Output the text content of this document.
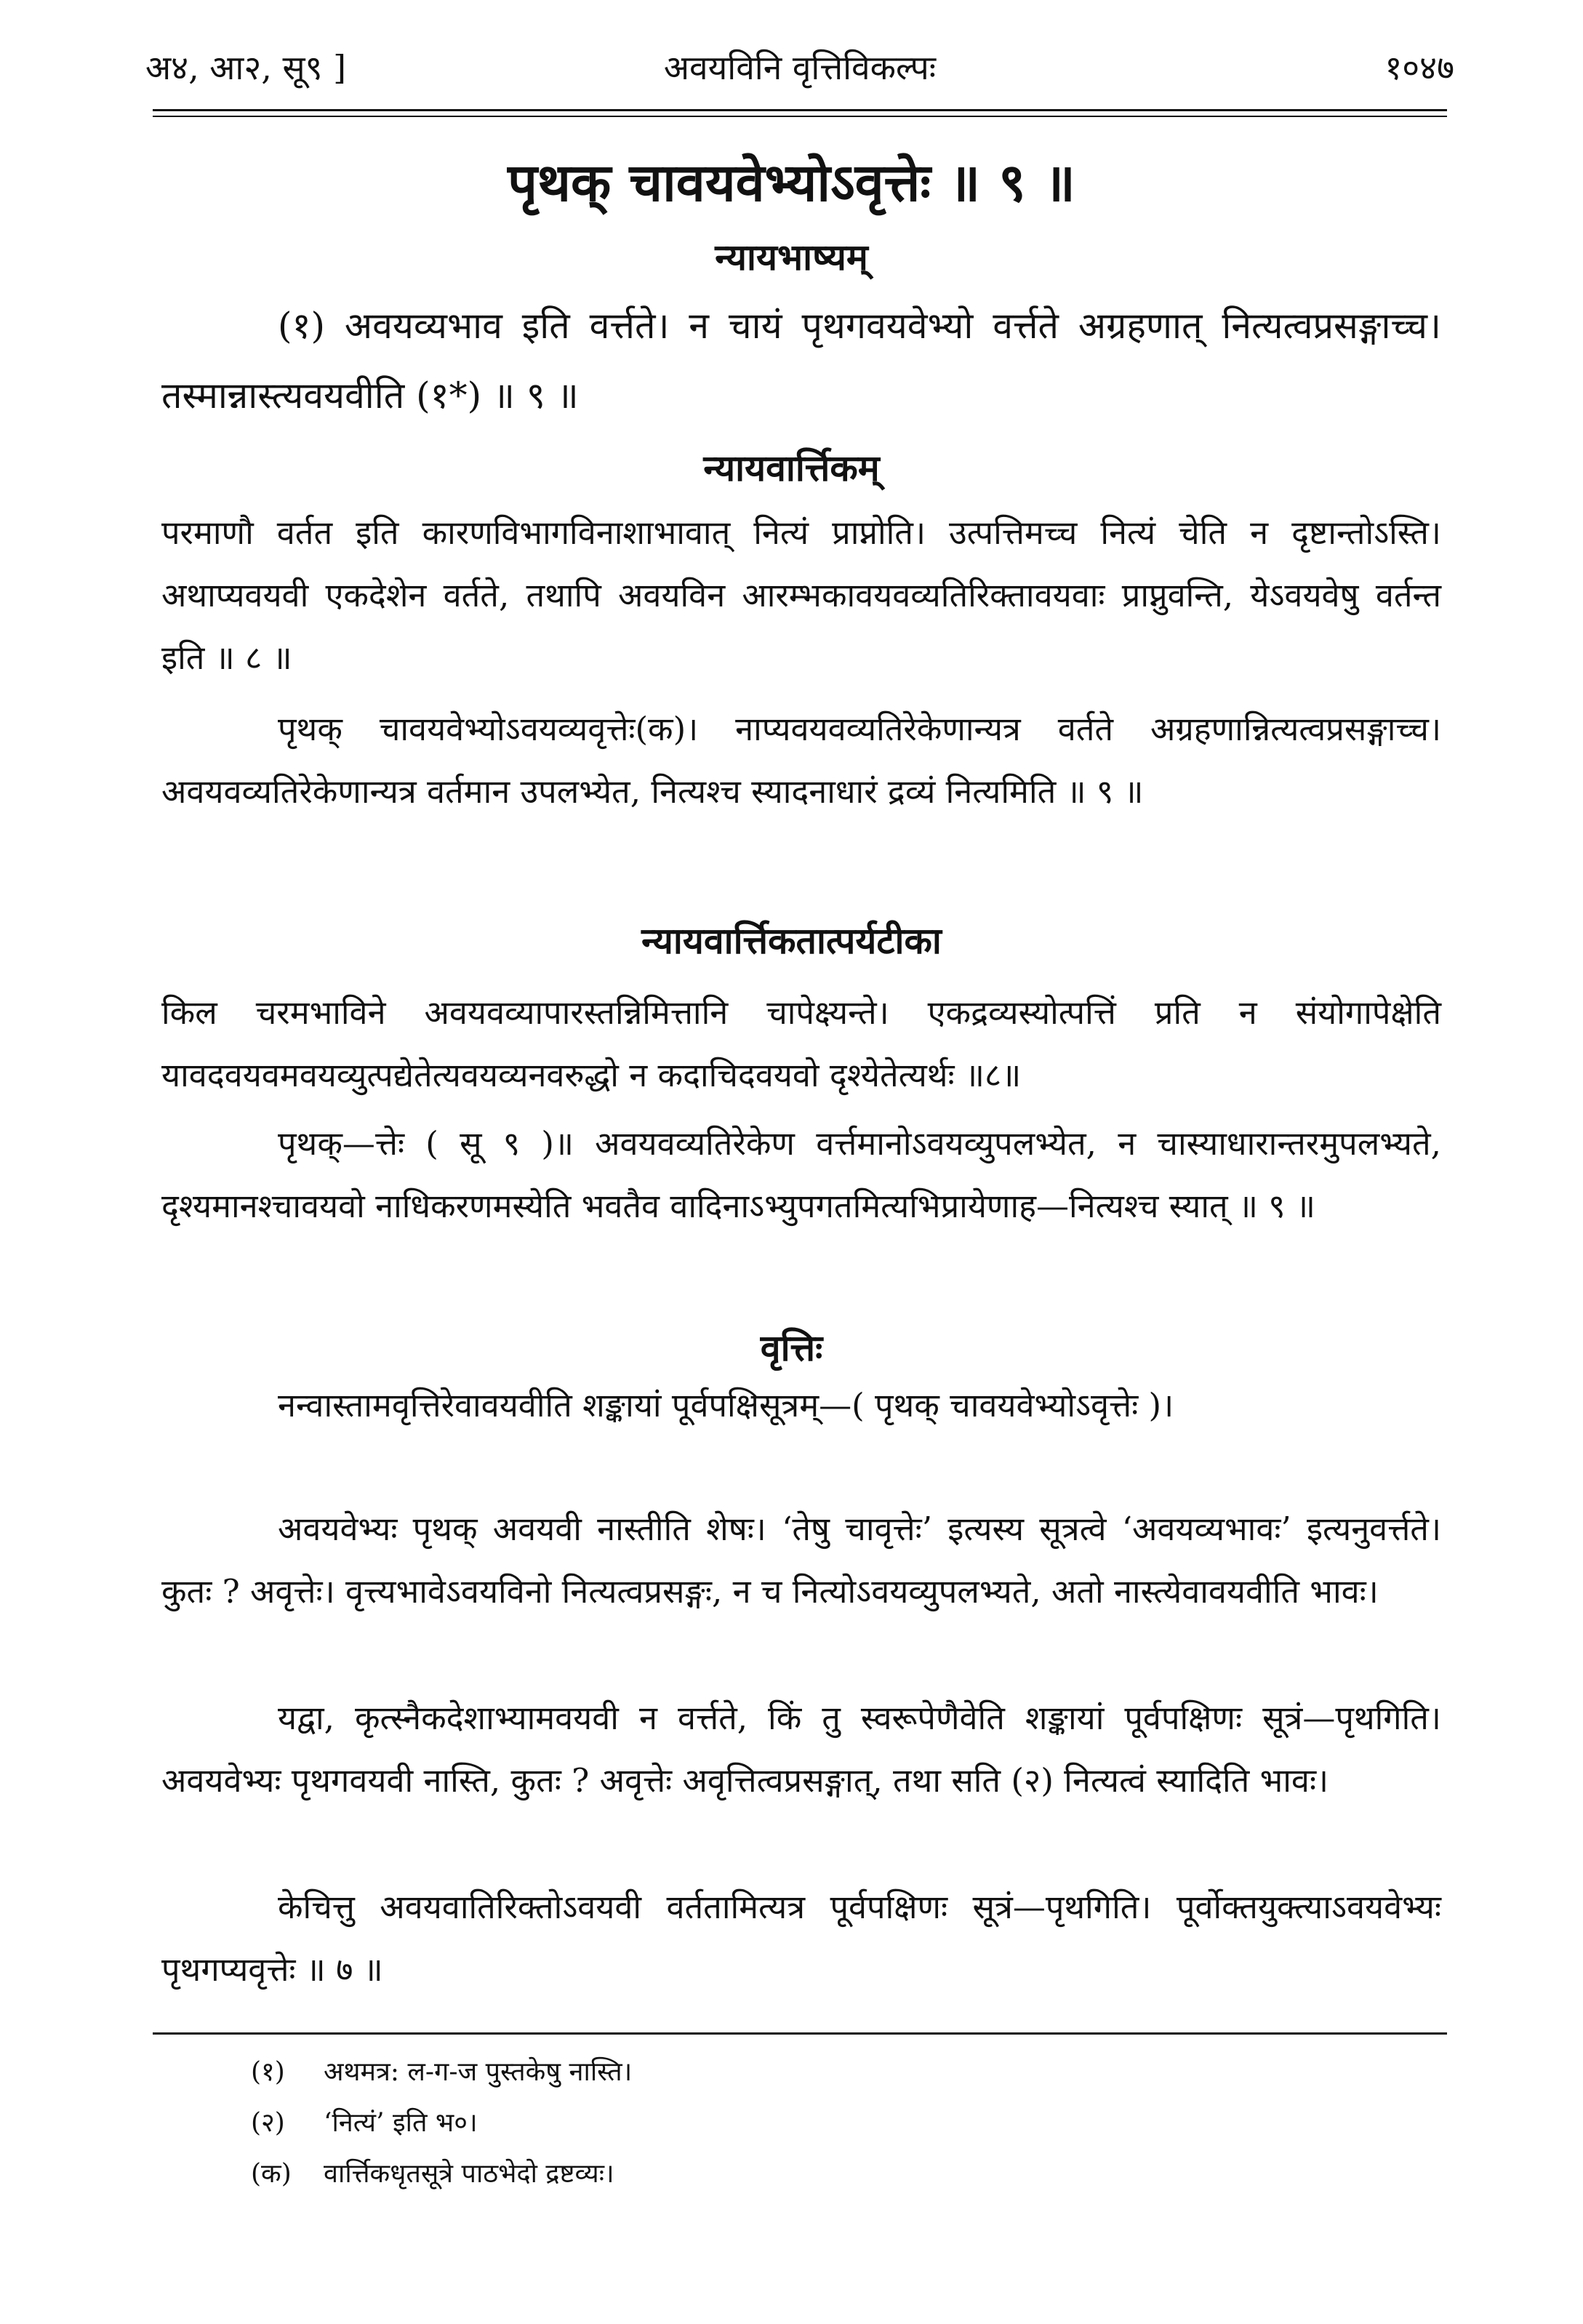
अ४, आ२, सू९ ]	अवयविनि वृत्तिविकल्पः	१०४७
पृथक् चावयवेभ्योऽवृत्तेः ॥ ९ ॥
न्यायभाष्यम्
(१) अवयव्यभाव इति वर्त्तते। न चायं पृथगवयवेभ्यो वर्त्तते अग्रहणात् नित्यत्वप्रसङ्गाच्च। तस्मान्नास्त्यवयवीति (१*) ॥ ९ ॥
न्यायवार्त्तिकम्
परमाणौ वर्तत इति कारणविभागविनाशाभावात् नित्यं प्राप्नोति। उत्पत्तिमच्च नित्यं चेति न दृष्टान्तोऽस्ति। अथाप्यवयवी एकदेशेन वर्तते, तथापि अवयविन आरम्भकावयवव्यतिरिक्तावयवाः प्राप्नुवन्ति, येऽवयवेषु वर्तन्त इति ॥ ८ ॥
पृथक् चावयवेभ्योऽवयव्यवृत्तेः(क)। नाप्यवयवव्यतिरेकेणान्यत्र वर्तते अग्रहणान्नित्यत्वप्रसङ्गाच्च। अवयवव्यतिरेकेणान्यत्र वर्तमान उपलभ्येत, नित्यश्च स्यादनाधारं द्रव्यं नित्यमिति ॥ ९ ॥
न्यायवार्त्तिकतात्पर्यटीका
किल चरमभाविने अवयवव्यापारस्तन्निमित्तानि चापेक्ष्यन्ते। एकद्रव्यस्योत्पत्तिं प्रति न संयोगापेक्षेति यावदवयवमवयव्युत्पद्येतेत्यवयव्यनवरुद्धो न कदाचिदवयवो दृश्येतेत्यर्थः ॥८॥
पृथक्—त्तेः ( सू ९ )॥ अवयवव्यतिरेकेण वर्त्तमानोऽवयव्युपलभ्येत, न चास्याधारान्तरमुपलभ्यते, दृश्यमानश्चावयवो नाधिकरणमस्येति भवतैव वादिनाऽभ्युपगतमित्यभिप्रायेणाह—नित्यश्च स्यात् ॥ ९ ॥
वृत्तिः
नन्वास्तामवृत्तिरेवावयवीति शङ्कायां पूर्वपक्षिसूत्रम्—( पृथक् चावयवेभ्योऽवृत्तेः )।
अवयवेभ्यः पृथक् अवयवी नास्तीति शेषः। ‘तेषु चावृत्तेः’ इत्यस्य सूत्रत्वे ‘अवयव्यभावः’ इत्यनुवर्त्तते। कुतः ? अवृत्तेः। वृत्त्यभावेऽवयविनो नित्यत्वप्रसङ्गः, न च नित्योऽवयव्युपलभ्यते, अतो नास्त्येवावयवीति भावः।
यद्वा, कृत्स्नैकदेशाभ्यामवयवी न वर्त्तते, किं तु स्वरूपेणैवेति शङ्कायां पूर्वपक्षिणः सूत्रं—पृथगिति। अवयवेभ्यः पृथगवयवी नास्ति, कुतः ? अवृत्तेः अवृत्तित्वप्रसङ्गात्, तथा सति (२) नित्यत्वं स्यादिति भावः।
केचित्तु अवयवातिरिक्तोऽवयवी वर्ततामित्यत्र पूर्वपक्षिणः सूत्रं—पृथगिति। पूर्वोक्तयुक्त्याऽवयवेभ्यः पृथगप्यवृत्तेः ॥ ७ ॥
(१)	अथमत्र: ल-ग-ज पुस्तकेषु नास्ति।
(२)	‘नित्यं’ इति भ०।
(क)	वार्त्तिकधृतसूत्रे पाठभेदो द्रष्टव्यः।
